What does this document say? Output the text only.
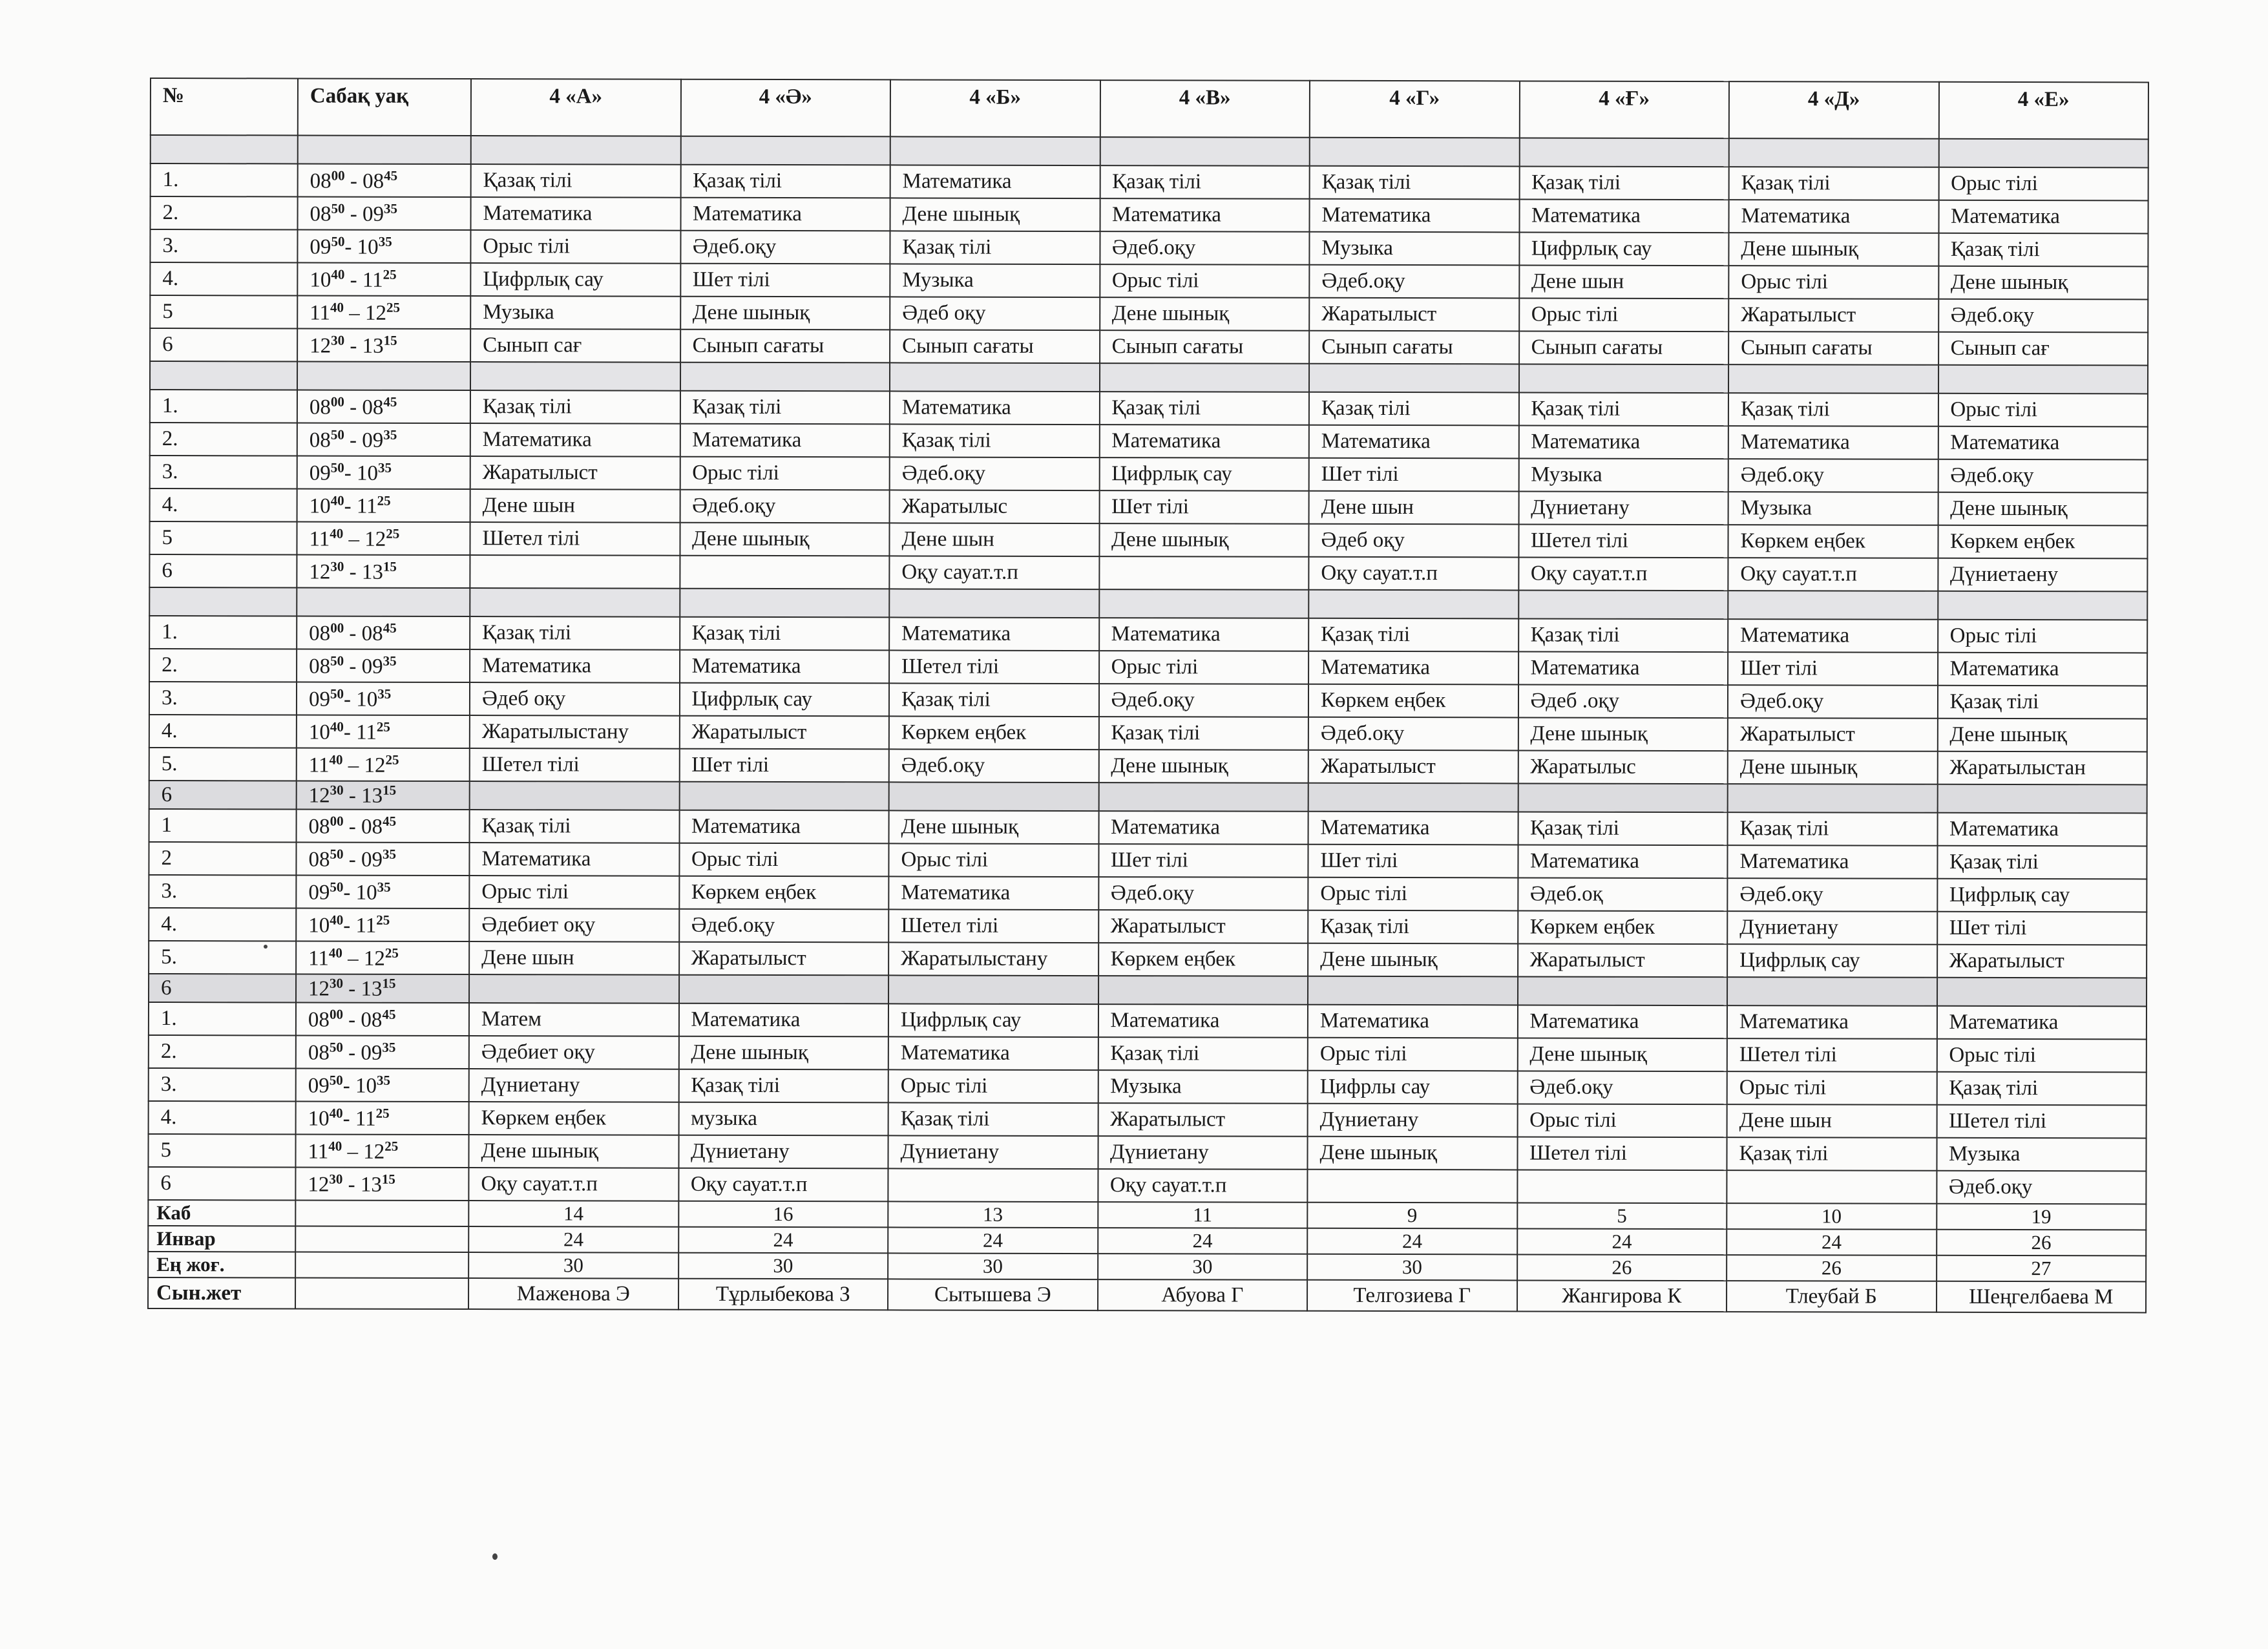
№	Сабақ уақ	4 «А»	4 «Ә»	4 «Б»	4 «В»	4 «Г»	4 «Ғ»	4 «Д»	4 «Е»

1.	$08^{00} - 08^{45}$	Қазақ тілі	Қазақ тілі	Математика	Қазақ тілі	Қазақ тілі	Қазақ тілі	Қазақ тілі	Орыс тілі
2.	$08^{50} - 09^{35}$	Математика	Математика	Дене шынық	Математика	Математика	Математика	Математика	Математика
3.	$09^{50}-$ $10^{35}$	Орыс тілі	Әдеб.оқу	Қазақ тілі	Әдеб.оқу	Музыка	Цифрлық сау	Дене шынық	Қазақ тілі
4.	$10^{40} - 11^{25}$	Цифрлық сау	Шет тілі	Музыка	Орыс тілі	Әдеб.оқу	Дене шын	Орыс тілі	Дене шынық
5	$11^{40} - 12^{25}$	Музыка	Дене шынық	Әдеб оқу	Дене шынық	Жаратылыст	Орыс тілі	Жаратылыст	Әдеб.оқу
6	$12^{30} - 13^{15}$	Сынып сағ	Сынып сағаты	Сынып сағаты	Сынып сағаты	Сынып сағаты	Сынып сағаты	Сынып сағаты	Сынып сағ

1.	$08^{00} - 08^{45}$	Қазақ тілі	Қазақ тілі	Математика	Қазақ тілі	Қазақ тілі	Қазақ тілі	Қазақ тілі	Орыс тілі
2.	$08^{50} - 09^{35}$	Математика	Математика	Қазақ тілі	Математика	Математика	Математика	Математика	Математика
3.	$09^{50}-$ $10^{35}$	Жаратылыст	Орыс тілі	Әдеб.оқу	Цифрлық сау	Шет тілі	Музыка	Әдеб.оқу	Әдеб.оқу
4.	$10^{40}-$ $11^{25}$	Дене шын	Әдеб.оқу	Жаратылыс	Шет тілі	Дене шын	Дүниетану	Музыка	Дене шынық
5	$11^{40} - 12^{25}$	Шетел тілі	Дене шынық	Дене шын	Дене шынық	Әдеб оқу	Шетел тілі	Көркем еңбек	Көркем еңбек
6	$12^{30} - 13^{15}$			Оқу сауат.т.п		Оқу сауат.т.п	Оқу сауат.т.п	Оқу сауат.т.п	Дүниетаену

1.	$08^{00} - 08^{45}$	Қазақ тілі	Қазақ тілі	Математика	Математика	Қазақ тілі	Қазақ тілі	Математика	Орыс тілі
2.	$08^{50} - 09^{35}$	Математика	Математика	Шетел тілі	Орыс тілі	Математика	Математика	Шет тілі	Математика
3.	$09^{50}-$ $10^{35}$	Әдеб оқу	Цифрлық сау	Қазақ тілі	Әдеб.оқу	Көркем еңбек	Әдеб .оқу	Әдеб.оқу	Қазақ тілі
4.	$10^{40}-$ $11^{25}$	Жаратылыстану	Жаратылыст	Көркем еңбек	Қазақ тілі	Әдеб.оқу	Дене шынық	Жаратылыст	Дене шынық
5.	$11^{40} - 12^{25}$	Шетел тілі	Шет тілі	Әдеб.оқу	Дене шынық	Жаратылыст	Жаратылыс	Дене шынық	Жаратылыстан
6	$12^{30} - 13^{15}$								
1	$08^{00} - 08^{45}$	Қазақ тілі	Математика	Дене шынық	Математика	Математика	Қазақ тілі	Қазақ тілі	Математика
2	$08^{50} - 09^{35}$	Математика	Орыс тілі	Орыс тілі	Шет тілі	Шет тілі	Математика	Математика	Қазақ тілі
3.	$09^{50}-$ $10^{35}$	Орыс тілі	Көркем еңбек	Математика	Әдеб.оқу	Орыс тілі	Әдеб.оқ	Әдеб.оқу	Цифрлық сау
4.	$10^{40}-$ $11^{25}$	Әдебиет оқу	Әдеб.оқу	Шетел тілі	Жаратылыст	Қазақ тілі	Көркем еңбек	Дүниетану	Шет тілі
5.	$11^{40} - 12^{25}$	Дене шын	Жаратылыст	Жаратылыстану	Көркем еңбек	Дене шынық	Жаратылыст	Цифрлық сау	Жаратылыст
6	$12^{30} - 13^{15}$								
1.	$08^{00} - 08^{45}$	Матем	Математика	Цифрлық сау	Математика	Математика	Математика	Математика	Математика
2.	$08^{50} - 09^{35}$	Әдебиет оқу	Дене шынық	Математика	Қазақ тілі	Орыс тілі	Дене шынық	Шетел тілі	Орыс тілі
3.	$09^{50}-$ $10^{35}$	Дүниетану	Қазақ тілі	Орыс тілі	Музыка	Цифрлы сау	Әдеб.оқу	Орыс тілі	Қазақ тілі
4.	$10^{40}-$ $11^{25}$	Көркем еңбек	музыка	Қазақ тілі	Жаратылыст	Дүниетану	Орыс тілі	Дене шын	Шетел тілі
5	$11^{40} - 12^{25}$	Дене шынық	Дүниетану	Дүниетану	Дүниетану	Дене шынық	Шетел тілі	Қазақ тілі	Музыка
6	$12^{30} - 13^{15}$	Оқу сауат.т.п	Оқу сауат.т.п		Оқу сауат.т.п				Әдеб.оқу
Каб		14	16	13	11	9	5	10	19
Инвар		24	24	24	24	24	24	24	26
Ең жоғ.		30	30	30	30	30	26	26	27
Сын.жет		Маженова Э	Тұрлыбекова З	Сытышева Э	Абуова Г	Телгозиева Г	Жангирова К	Тлеубай Б	Шеңгелбаева М
